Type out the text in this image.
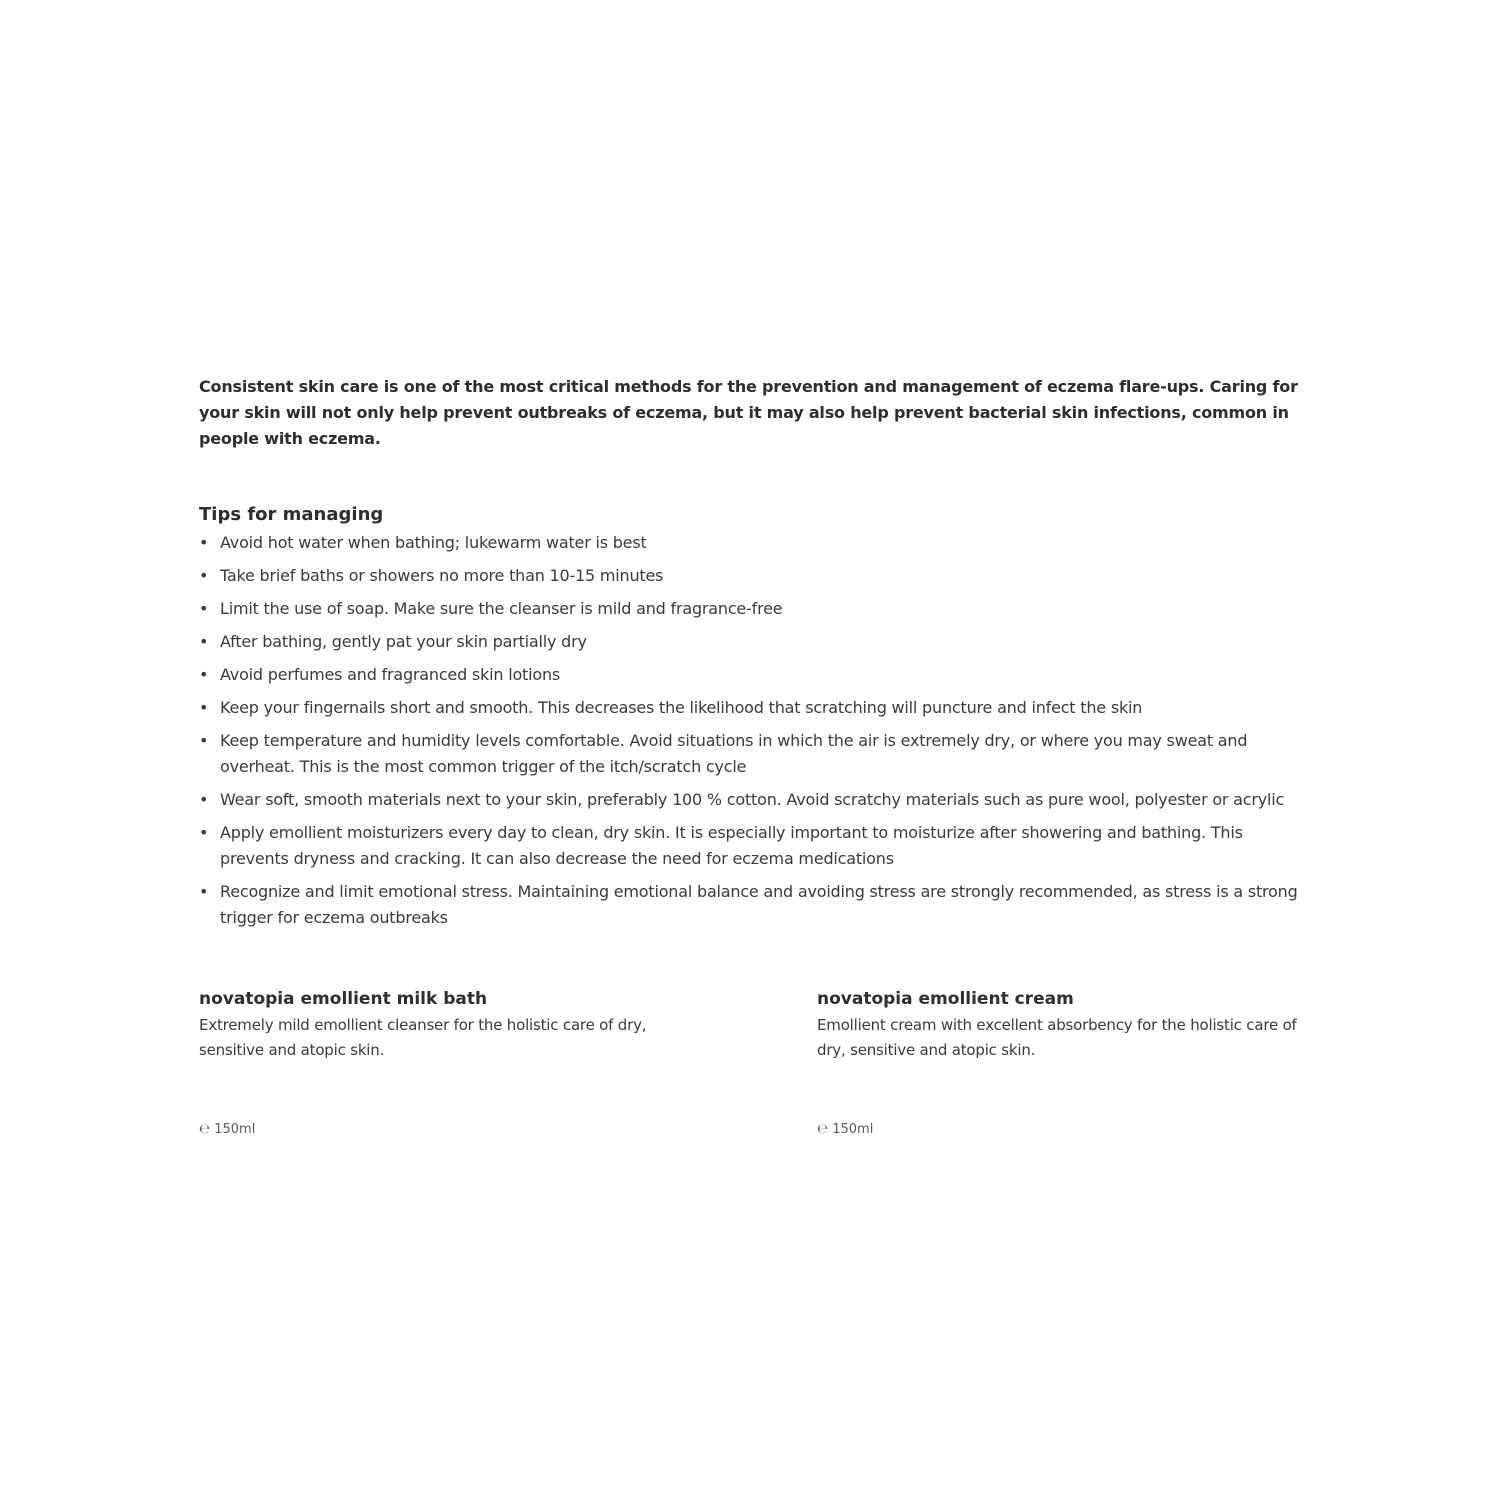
Consistent skin care is one of the most critical methods for the prevention and management of eczema flare-ups. Caring for your skin will not only help prevent outbreaks of eczema, but it may also help prevent bacterial skin infections, common in people with eczema.

Tips for managing
• Avoid hot water when bathing; lukewarm water is best
• Take brief baths or showers no more than 10-15 minutes
• Limit the use of soap. Make sure the cleanser is mild and fragrance-free
• After bathing, gently pat your skin partially dry
• Avoid perfumes and fragranced skin lotions
• Keep your fingernails short and smooth. This decreases the likelihood that scratching will puncture and infect the skin
• Keep temperature and humidity levels comfortable. Avoid situations in which the air is extremely dry, or where you may sweat and overheat. This is the most common trigger of the itch/scratch cycle
• Wear soft, smooth materials next to your skin, preferably 100 % cotton. Avoid scratchy materials such as pure wool, polyester or acrylic
• Apply emollient moisturizers every day to clean, dry skin. It is especially important to moisturize after showering and bathing. This prevents dryness and cracking. It can also decrease the need for eczema medications
• Recognize and limit emotional stress. Maintaining emotional balance and avoiding stress are strongly recommended, as stress is a strong trigger for eczema outbreaks
novatopia emollient milk bath

Extremely mild emollient cleanser for the holistic care of dry, sensitive and atopic skin.

℮ 150ml
novatopia emollient cream

Emollient cream with excellent absorbency for the holistic care of dry, sensitive and atopic skin.

℮ 150ml
